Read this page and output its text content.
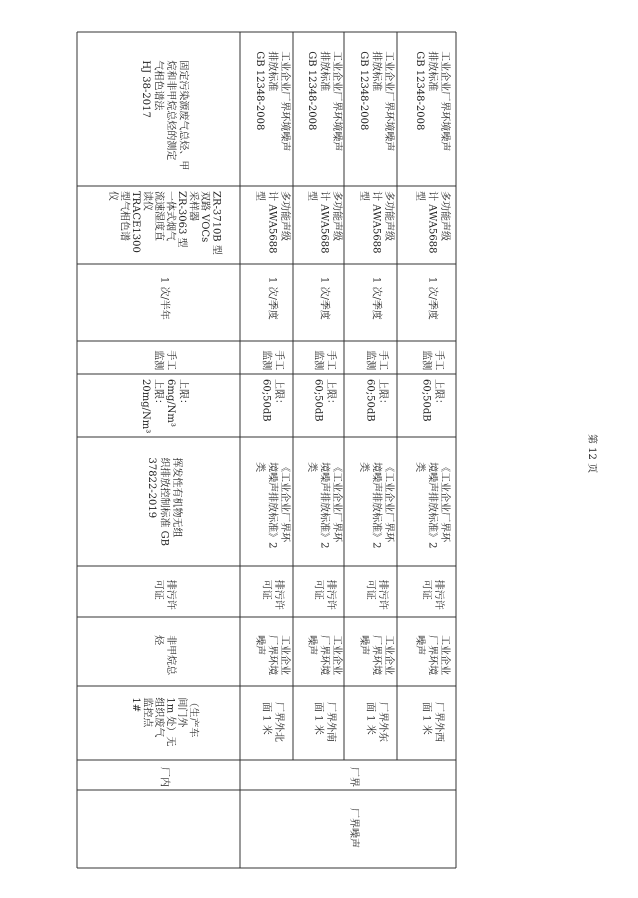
固定污染源废气总烃、甲
烷和非甲烷总烃的测定
气相色谱法
HJ 38-2017
ZR-3710B 型
双路 VOCs
采样器
ZR-3063 型
一体式烟气
流速湿度直
读仪
TRACE1300
型气相色谱
仪
1 次/半年
手工
监测
上限：
6mg/Nm³
上限：
20mg/Nm³
挥发性有机物无组
织排放控制标准 GB
37822-2019
排污许
可证
非甲烷总
烃
（生产车
间门外
1m 处）无
组织废气
监控点
1#
工业企业厂界环境噪声
排放标准
GB 12348-2008
多功能声级
计 AWA5688
型
1 次/季度
手工
监测
上限：
60;50dB
《工业企业厂界环
境噪声排放标准》2
类
排污许
可证
工业企业
厂界环境
噪声
厂界外北
面 1 米
工业企业厂界环境噪声
排放标准
GB 12348-2008
多功能声级
计 AWA5688
型
1 次/季度
手工
监测
上限：
60;50dB
《工业企业厂界环
境噪声排放标准》2
类
排污许
可证
工业企业
厂界环境
噪声
厂界外南
面 1 米
工业企业厂界环境噪声
排放标准
GB 12348-2008
多功能声级
计 AWA5688
型
1 次/季度
手工
监测
上限：
60;50dB
《工业企业厂界环
境噪声排放标准》2
类
排污许
可证
工业企业
厂界环境
噪声
厂界外东
面 1 米
工业企业厂界环境噪声
排放标准
GB 12348-2008
多功能声级
计 AWA5688
型
1 次/季度
手工
监测
上限：
60;50dB
《工业企业厂界环
境噪声排放标准》2
类
排污许
可证
工业企业
厂界环境
噪声
厂界外西
面 1 米
厂内	厂界
厂界噪声
第 12 页
